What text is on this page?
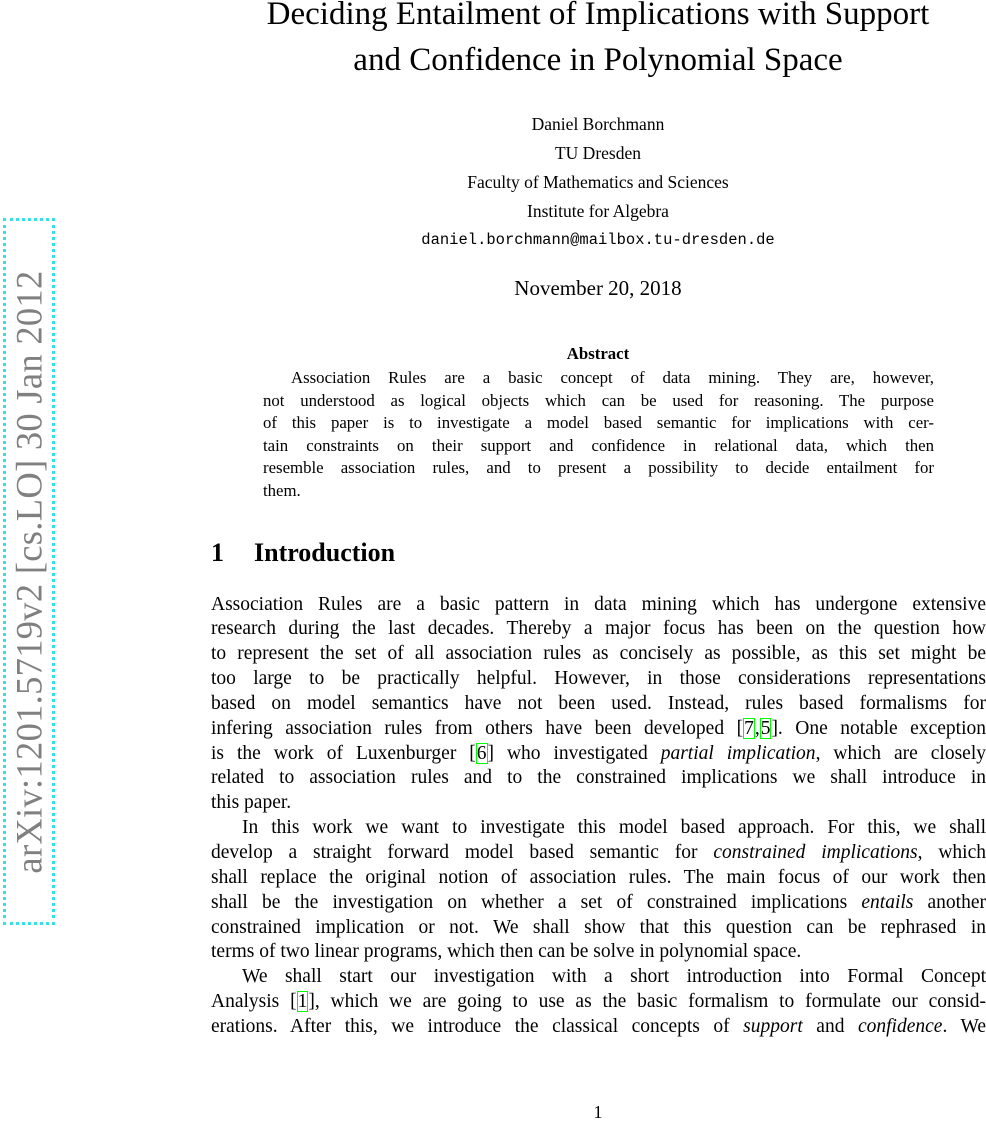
arXiv:1201.5719v2 [cs.LO] 30 Jan 2012
Deciding Entailment of Implications with Support
and Confidence in Polynomial Space
Daniel Borchmann
TU Dresden
Faculty of Mathematics and Sciences
Institute for Algebra
daniel.borchmann@mailbox.tu-dresden.de
November 20, 2018
Abstract
Association Rules are a basic concept of data mining. They are, however,
not understood as logical objects which can be used for reasoning. The purpose
of this paper is to investigate a model based semantic for implications with cer-
tain constraints on their support and confidence in relational data, which then
resemble association rules, and to present a possibility to decide entailment for
them.
1 Introduction
Association Rules are a basic pattern in data mining which has undergone extensive
research during the last decades. Thereby a major focus has been on the question how
to represent the set of all association rules as concisely as possible, as this set might be
too large to be practically helpful. However, in those considerations representations
based on model semantics have not been used. Instead, rules based formalisms for
infering association rules from others have been developed [7,5]. One notable exception
is the work of Luxenburger [6] who investigated partial implication, which are closely
related to association rules and to the constrained implications we shall introduce in
this paper.
In this work we want to investigate this model based approach. For this, we shall
develop a straight forward model based semantic for constrained implications, which
shall replace the original notion of association rules. The main focus of our work then
shall be the investigation on whether a set of constrained implications entails another
constrained implication or not. We shall show that this question can be rephrased in
terms of two linear programs, which then can be solve in polynomial space.
We shall start our investigation with a short introduction into Formal Concept
Analysis [1], which we are going to use as the basic formalism to formulate our consid-
erations. After this, we introduce the classical concepts of support and confidence. We
1
